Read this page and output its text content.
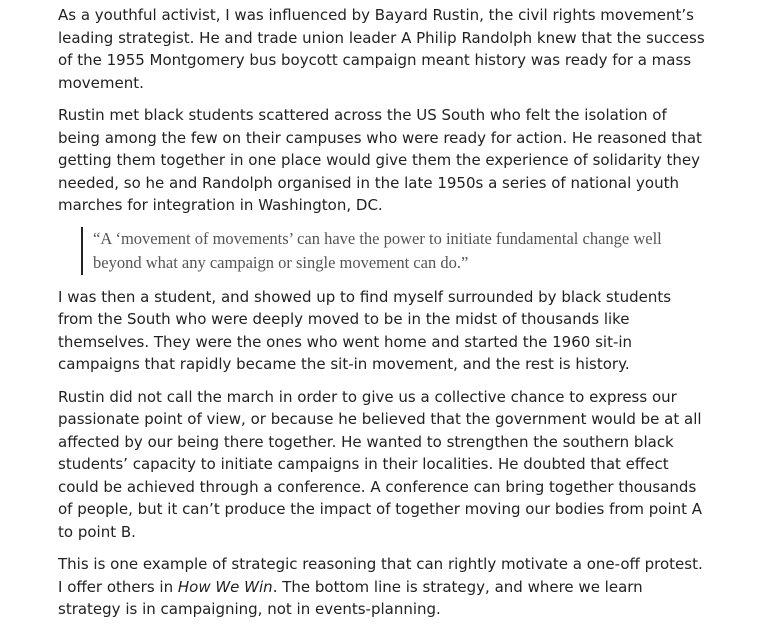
As a youthful activist, I was influenced by Bayard Rustin, the civil rights movement’s leading strategist. He and trade union leader A Philip Randolph knew that the success of the 1955 Montgomery bus boycott campaign meant history was ready for a mass movement.

Rustin met black students scattered across the US South who felt the isolation of being among the few on their campuses who were ready for action. He reasoned that getting them together in one place would give them the experience of solidarity they needed, so he and Randolph organised in the late 1950s a series of national youth marches for integration in Washington, DC.

“A ‘movement of movements’ can have the power to initiate fundamental change well beyond what any campaign or single movement can do.”

I was then a student, and showed up to find myself surrounded by black students from the South who were deeply moved to be in the midst of thousands like themselves. They were the ones who went home and started the 1960 sit-in campaigns that rapidly became the sit-in movement, and the rest is history.

Rustin did not call the march in order to give us a collective chance to express our passionate point of view, or because he believed that the government would be at all affected by our being there together. He wanted to strengthen the southern black students’ capacity to initiate campaigns in their localities. He doubted that effect could be achieved through a conference. A conference can bring together thousands of people, but it can’t produce the impact of together moving our bodies from point A to point B.

This is one example of strategic reasoning that can rightly motivate a one-off protest. I offer others in How We Win. The bottom line is strategy, and where we learn strategy is in campaigning, not in events-planning.
